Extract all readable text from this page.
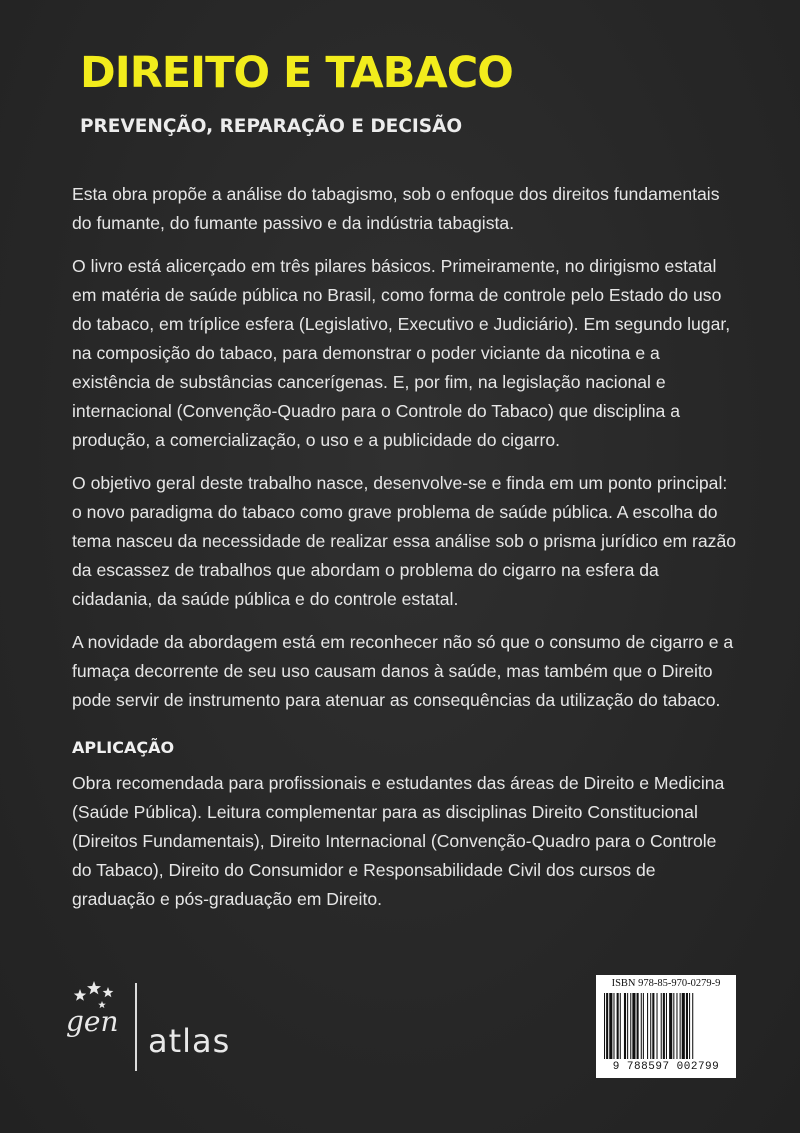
DIREITO E TABACO
PREVENÇÃO, REPARAÇÃO E DECISÃO

Esta obra propõe a análise do tabagismo, sob o enfoque dos direitos fundamentais do fumante, do fumante passivo e da indústria tabagista.

O livro está alicerçado em três pilares básicos. Primeiramente, no dirigismo estatal em matéria de saúde pública no Brasil, como forma de controle pelo Estado do uso do tabaco, em tríplice esfera (Legislativo, Executivo e Judiciário). Em segundo lugar, na composição do tabaco, para demonstrar o poder viciante da nicotina e a existência de substâncias cancerígenas. E, por fim, na legislação nacional e internacional (Convenção-Quadro para o Controle do Tabaco) que disciplina a produção, a comercialização, o uso e a publicidade do cigarro.

O objetivo geral deste trabalho nasce, desenvolve-se e finda em um ponto principal: o novo paradigma do tabaco como grave problema de saúde pública. A escolha do tema nasceu da necessidade de realizar essa análise sob o prisma jurídico em razão da escassez de trabalhos que abordam o problema do cigarro na esfera da cidadania, da saúde pública e do controle estatal.

A novidade da abordagem está em reconhecer não só que o consumo de cigarro e a fumaça decorrente de seu uso causam danos à saúde, mas também que o Direito pode servir de instrumento para atenuar as consequências da utilização do tabaco.

APLICAÇÃO

Obra recomendada para profissionais e estudantes das áreas de Direito e Medicina (Saúde Pública). Leitura complementar para as disciplinas Direito Constitucional (Direitos Fundamentais), Direito Internacional (Convenção-Quadro para o Controle do Tabaco), Direito do Consumidor e Responsabilidade Civil dos cursos de graduação e pós-graduação em Direito.

gen
atlas
ISBN 978-85-970-0279-9
9 788597 002799
